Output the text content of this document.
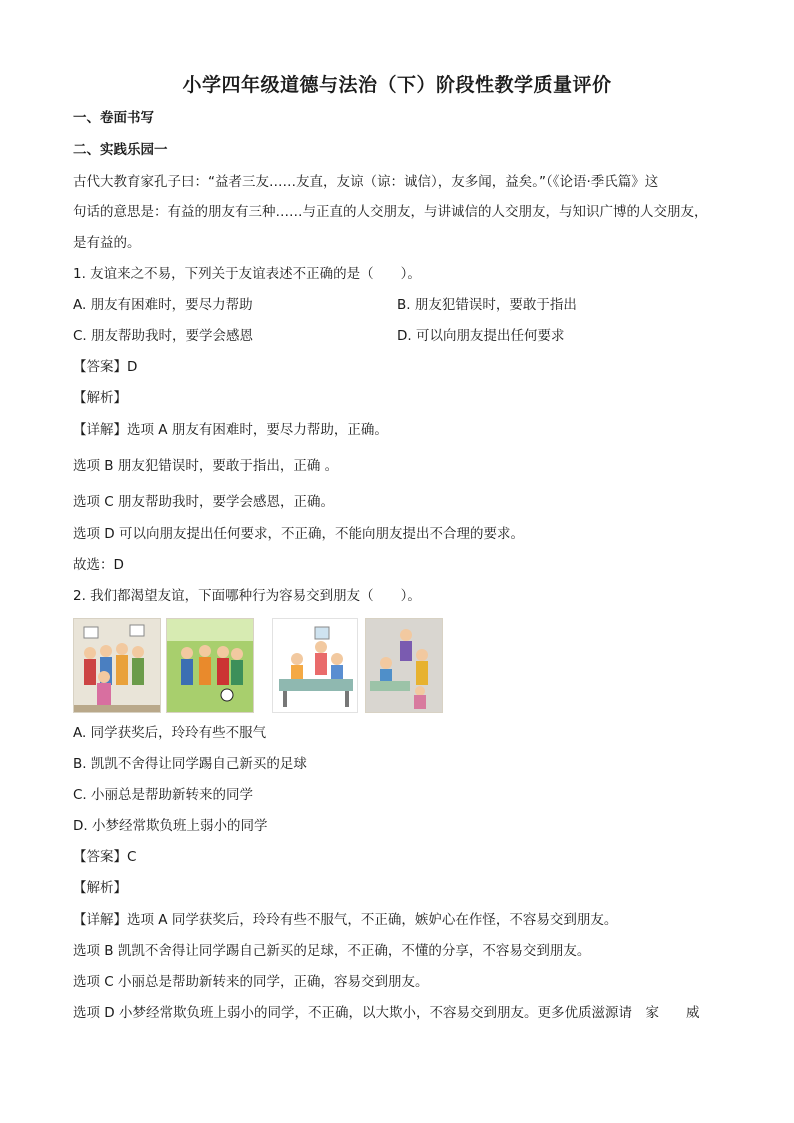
小学四年级道德与法治（下）阶段性教学质量评价
一、卷面书写
二、实践乐园一
古代大教育家孔子曰：“益者三友……友直，友谅（谅：诚信），友多闻，益矣。”（《论语·季氏篇》这
句话的意思是：有益的朋友有三种……与正直的人交朋友，与讲诚信的人交朋友，与知识广博的人交朋友，
是有益的。
1. 友谊来之不易，下列关于友谊表述不正确的是（　　）。
A. 朋友有困难时，要尽力帮助	B. 朋友犯错误时，要敢于指出
C. 朋友帮助我时，要学会感恩	D. 可以向朋友提出任何要求
【答案】D
【解析】
【详解】选项 A 朋友有困难时，要尽力帮助，正确。
选项 B 朋友犯错误时，要敢于指出，正确 。
选项 C 朋友帮助我时，要学会感恩，正确。
选项 D 可以向朋友提出任何要求，不正确，不能向朋友提出不合理的要求。
故选：D
2. 我们都渴望友谊，下面哪种行为容易交到朋友（　　）。
A. 同学获奖后，玲玲有些不服气
B. 凯凯不舍得让同学踢自己新买的足球
C. 小丽总是帮助新转来的同学
D. 小梦经常欺负班上弱小的同学
【答案】C
【解析】
【详解】选项 A 同学获奖后，玲玲有些不服气，不正确，嫉妒心在作怪，不容易交到朋友。
选项 B 凯凯不舍得让同学踢自己新买的足球，不正确，不懂的分享，不容易交到朋友。
选项 C 小丽总是帮助新转来的同学，正确，容易交到朋友。
选项 D 小梦经常欺负班上弱小的同学，不正确，以大欺小，不容易交到朋友。更多优质滋源请　家　　威
